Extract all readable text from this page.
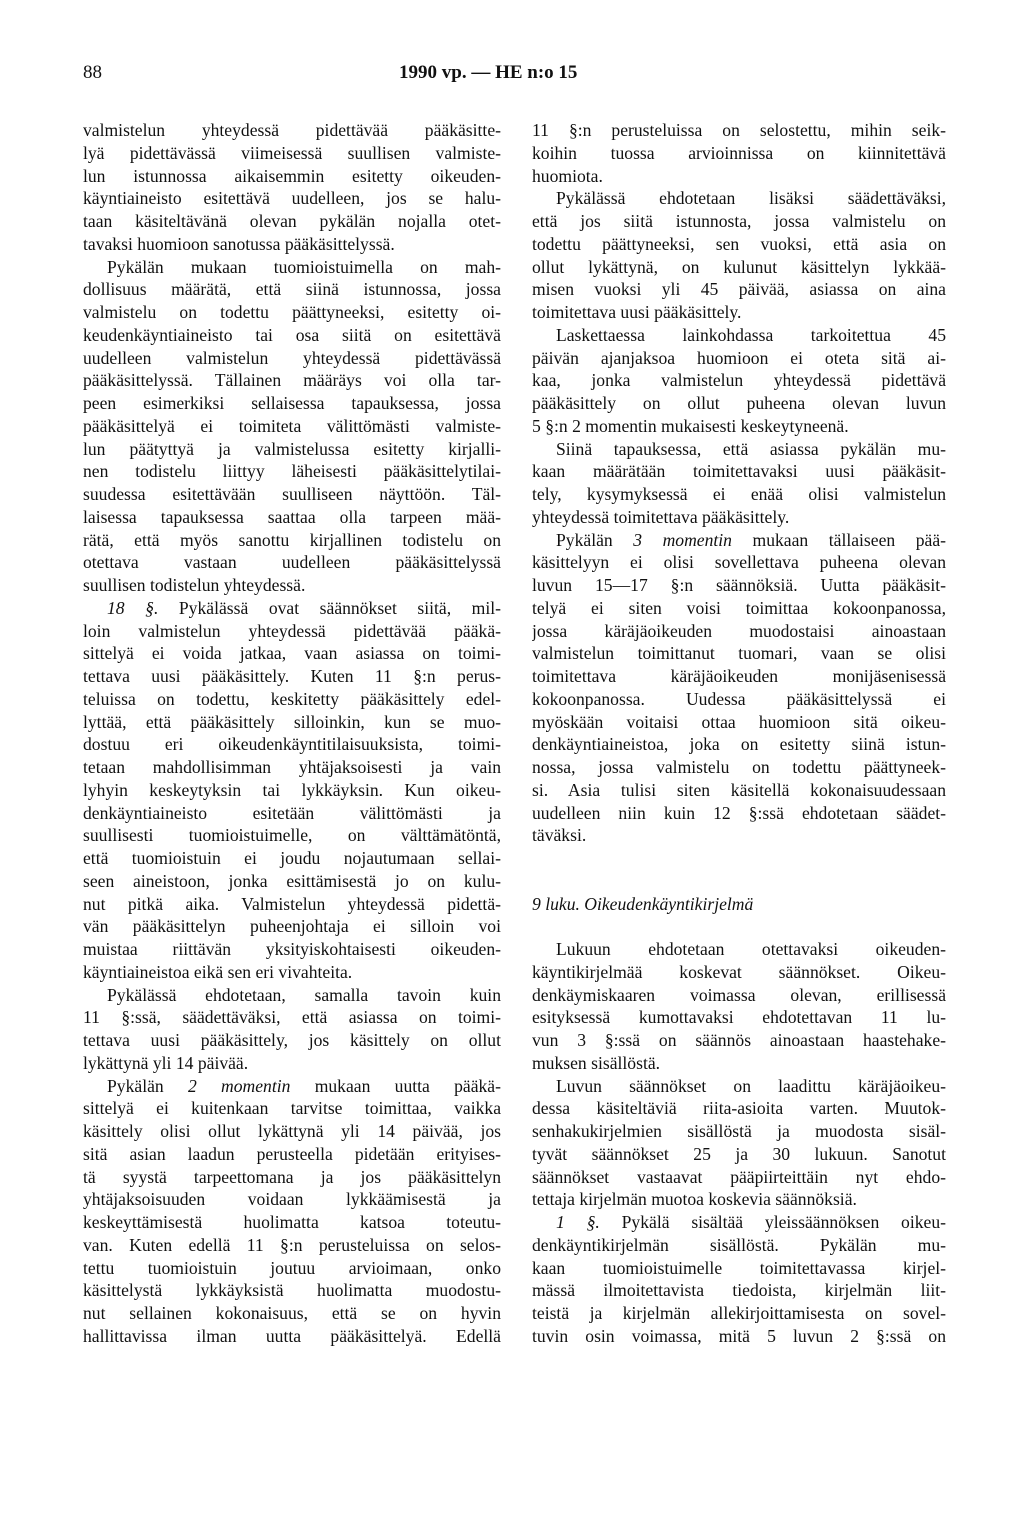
88	1990 vp. — HE n:o 15
valmistelun yhteydessä pidettävää pääkäsitte-
lyä pidettävässä viimeisessä suullisen valmiste-
lun istunnossa aikaisemmin esitetty oikeuden-
käyntiaineisto esitettävä uudelleen, jos se halu-
taan käsiteltävänä olevan pykälän nojalla otet-
tavaksi huomioon sanotussa pääkäsittelyssä.
Pykälän mukaan tuomioistuimella on mah-
dollisuus määrätä, että siinä istunnossa, jossa
valmistelu on todettu päättyneeksi, esitetty oi-
keudenkäyntiaineisto tai osa siitä on esitettävä
uudelleen valmistelun yhteydessä pidettävässä
pääkäsittelyssä. Tällainen määräys voi olla tar-
peen esimerkiksi sellaisessa tapauksessa, jossa
pääkäsittelyä ei toimiteta välittömästi valmiste-
lun päätyttyä ja valmistelussa esitetty kirjalli-
nen todistelu liittyy läheisesti pääkäsittelytilai-
suudessa esitettävään suulliseen näyttöön. Täl-
laisessa tapauksessa saattaa olla tarpeen mää-
rätä, että myös sanottu kirjallinen todistelu on
otettava vastaan uudelleen pääkäsittelyssä
suullisen todistelun yhteydessä.
18 §. Pykälässä ovat säännökset siitä, mil-
loin valmistelun yhteydessä pidettävää pääkä-
sittelyä ei voida jatkaa, vaan asiassa on toimi-
tettava uusi pääkäsittely. Kuten 11 §:n perus-
teluissa on todettu, keskitetty pääkäsittely edel-
lyttää, että pääkäsittely silloinkin, kun se muo-
dostuu eri oikeudenkäyntitilaisuuksista, toimi-
tetaan mahdollisimman yhtäjaksoisesti ja vain
lyhyin keskeytyksin tai lykkäyksin. Kun oikeu-
denkäyntiaineisto esitetään välittömästi ja
suullisesti tuomioistuimelle, on välttämätöntä,
että tuomioistuin ei joudu nojautumaan sellai-
seen aineistoon, jonka esittämisestä jo on kulu-
nut pitkä aika. Valmistelun yhteydessä pidettä-
vän pääkäsittelyn puheenjohtaja ei silloin voi
muistaa riittävän yksityiskohtaisesti oikeuden-
käyntiaineistoa eikä sen eri vivahteita.
Pykälässä ehdotetaan, samalla tavoin kuin
11 §:ssä, säädettäväksi, että asiassa on toimi-
tettava uusi pääkäsittely, jos käsittely on ollut
lykättynä yli 14 päivää.
Pykälän 2 momentin mukaan uutta pääkä-
sittelyä ei kuitenkaan tarvitse toimittaa, vaikka
käsittely olisi ollut lykättynä yli 14 päivää, jos
sitä asian laadun perusteella pidetään erityises-
tä syystä tarpeettomana ja jos pääkäsittelyn
yhtäjaksoisuuden voidaan lykkäämisestä ja
keskeyttämisestä huolimatta katsoa toteutu-
van. Kuten edellä 11 §:n perusteluissa on selos-
tettu tuomioistuin joutuu arvioimaan, onko
käsittelystä lykkäyksistä huolimatta muodostu-
nut sellainen kokonaisuus, että se on hyvin
hallittavissa ilman uutta pääkäsittelyä. Edellä
11 §:n perusteluissa on selostettu, mihin seik-
koihin tuossa arvioinnissa on kiinnitettävä
huomiota.
Pykälässä ehdotetaan lisäksi säädettäväksi,
että jos siitä istunnosta, jossa valmistelu on
todettu päättyneeksi, sen vuoksi, että asia on
ollut lykättynä, on kulunut käsittelyn lykkää-
misen vuoksi yli 45 päivää, asiassa on aina
toimitettava uusi pääkäsittely.
Laskettaessa lainkohdassa tarkoitettua 45
päivän ajanjaksoa huomioon ei oteta sitä ai-
kaa, jonka valmistelun yhteydessä pidettävä
pääkäsittely on ollut puheena olevan luvun
5 §:n 2 momentin mukaisesti keskeytyneenä.
Siinä tapauksessa, että asiassa pykälän mu-
kaan määrätään toimitettavaksi uusi pääkäsit-
tely, kysymyksessä ei enää olisi valmistelun
yhteydessä toimitettava pääkäsittely.
Pykälän 3 momentin mukaan tällaiseen pää-
käsittelyyn ei olisi sovellettava puheena olevan
luvun 15—17 §:n säännöksiä. Uutta pääkäsit-
telyä ei siten voisi toimittaa kokoonpanossa,
jossa käräjäoikeuden muodostaisi ainoastaan
valmistelun toimittanut tuomari, vaan se olisi
toimitettava käräjäoikeuden monijäsenisessä
kokoonpanossa. Uudessa pääkäsittelyssä ei
myöskään voitaisi ottaa huomioon sitä oikeu-
denkäyntiaineistoa, joka on esitetty siinä istun-
nossa, jossa valmistelu on todettu päättyneek-
si. Asia tulisi siten käsitellä kokonaisuudessaan
uudelleen niin kuin 12 §:ssä ehdotetaan säädet-
täväksi.
9 luku. Oikeudenkäyntikirjelmä
Lukuun ehdotetaan otettavaksi oikeuden-
käyntikirjelmää koskevat säännökset. Oikeu-
denkäymiskaaren voimassa olevan, erillisessä
esityksessä kumottavaksi ehdotettavan 11 lu-
vun 3 §:ssä on säännös ainoastaan haastehake-
muksen sisällöstä.
Luvun säännökset on laadittu käräjäoikeu-
dessa käsiteltäviä riita-asioita varten. Muutok-
senhakukirjelmien sisällöstä ja muodosta sisäl-
tyvät säännökset 25 ja 30 lukuun. Sanotut
säännökset vastaavat pääpiirteittäin nyt ehdo-
tettaja kirjelmän muotoa koskevia säännöksiä.
1 §. Pykälä sisältää yleissäännöksen oikeu-
denkäyntikirjelmän sisällöstä. Pykälän mu-
kaan tuomioistuimelle toimitettavassa kirjel-
mässä ilmoitettavista tiedoista, kirjelmän liit-
teistä ja kirjelmän allekirjoittamisesta on sovel-
tuvin osin voimassa, mitä 5 luvun 2 §:ssä on
